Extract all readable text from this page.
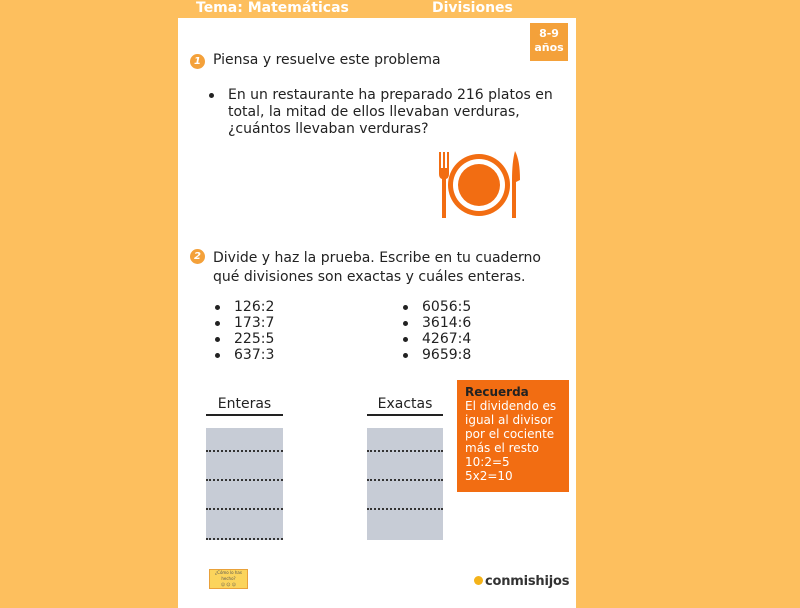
Tema: Matemáticas	Divisiones
8-9
años
1 Piensa y resuelve este problema
En un restaurante ha preparado 216 platos en total, la mitad de ellos llevaban verduras, ¿cuántos llevaban verduras?
2 Divide y haz la prueba. Escribe en tu cuaderno qué divisiones son exactas y cuáles enteras.
126:2
173:7
225:5
637:3
6056:5
3614:6
4267:4
9659:8
Enteras	Exactas
Recuerda
El dividendo es
igual al divisor
por el cociente
más el resto
10:2=5
5x2=10
¿Cómo lo has hecho?
☺ ☺ ☺	conmishijos
